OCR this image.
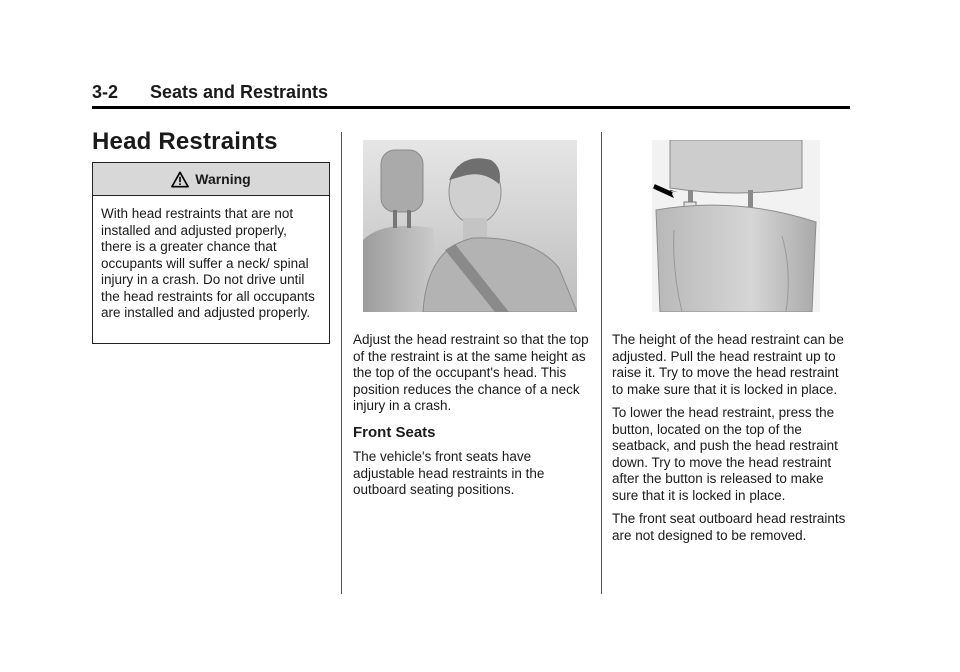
3-2 Seats and Restraints
Head Restraints
Warning
With head restraints that are not installed and adjusted properly, there is a greater chance that occupants will suffer a neck/ spinal injury in a crash. Do not drive until the head restraints for all occupants are installed and adjusted properly.

Adjust the head restraint so that the top of the restraint is at the same height as the top of the occupant's head. This position reduces the chance of a neck injury in a crash.

Front Seats

The vehicle's front seats have adjustable head restraints in the outboard seating positions.

The height of the head restraint can be adjusted. Pull the head restraint up to raise it. Try to move the head restraint to make sure that it is locked in place.

To lower the head restraint, press the button, located on the top of the seatback, and push the head restraint down. Try to move the head restraint after the button is released to make sure that it is locked in place.

The front seat outboard head restraints are not designed to be removed.
